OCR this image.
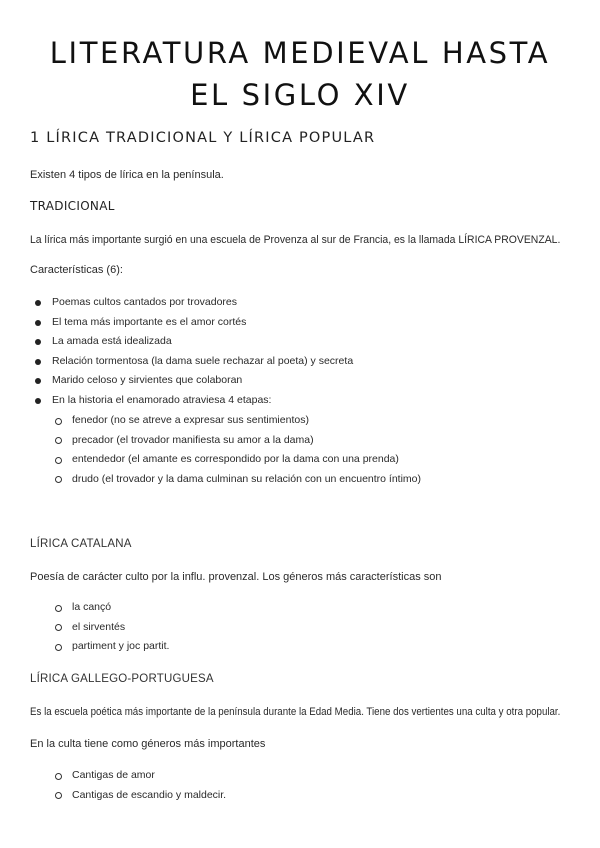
LITERATURA MEDIEVAL HASTA
EL SIGLO XIV
1 LÍRICA TRADICIONAL Y LÍRICA POPULAR
Existen 4 tipos de lírica en la península.
TRADICIONAL
La lírica más importante surgió en una escuela de Provenza al sur de Francia, es la llamada LÍRICA PROVENZAL.
Características (6):
Poemas cultos cantados por trovadores
El tema más importante es el amor cortés
La amada está idealizada
Relación tormentosa (la dama suele rechazar al poeta) y secreta
Marido celoso y sirvientes que colaboran
En la historia el enamorado atraviesa 4 etapas:
fenedor (no se atreve a expresar sus sentimientos)
precador (el trovador manifiesta su amor a la dama)
entendedor (el amante es correspondido por la dama con una prenda)
drudo (el trovador y la dama culminan su relación con un encuentro íntimo)
LÍRICA CATALANA
Poesía de carácter culto por la influ. provenzal. Los géneros más características son
la cançó
el sirventés
partiment y joc partit.
LÍRICA GALLEGO-PORTUGUESA
Es la escuela poética más importante de la península durante la Edad Media. Tiene dos vertientes una culta y otra popular.
En la culta tiene como géneros más importantes
Cantigas de amor
Cantigas de escandio y maldecir.
